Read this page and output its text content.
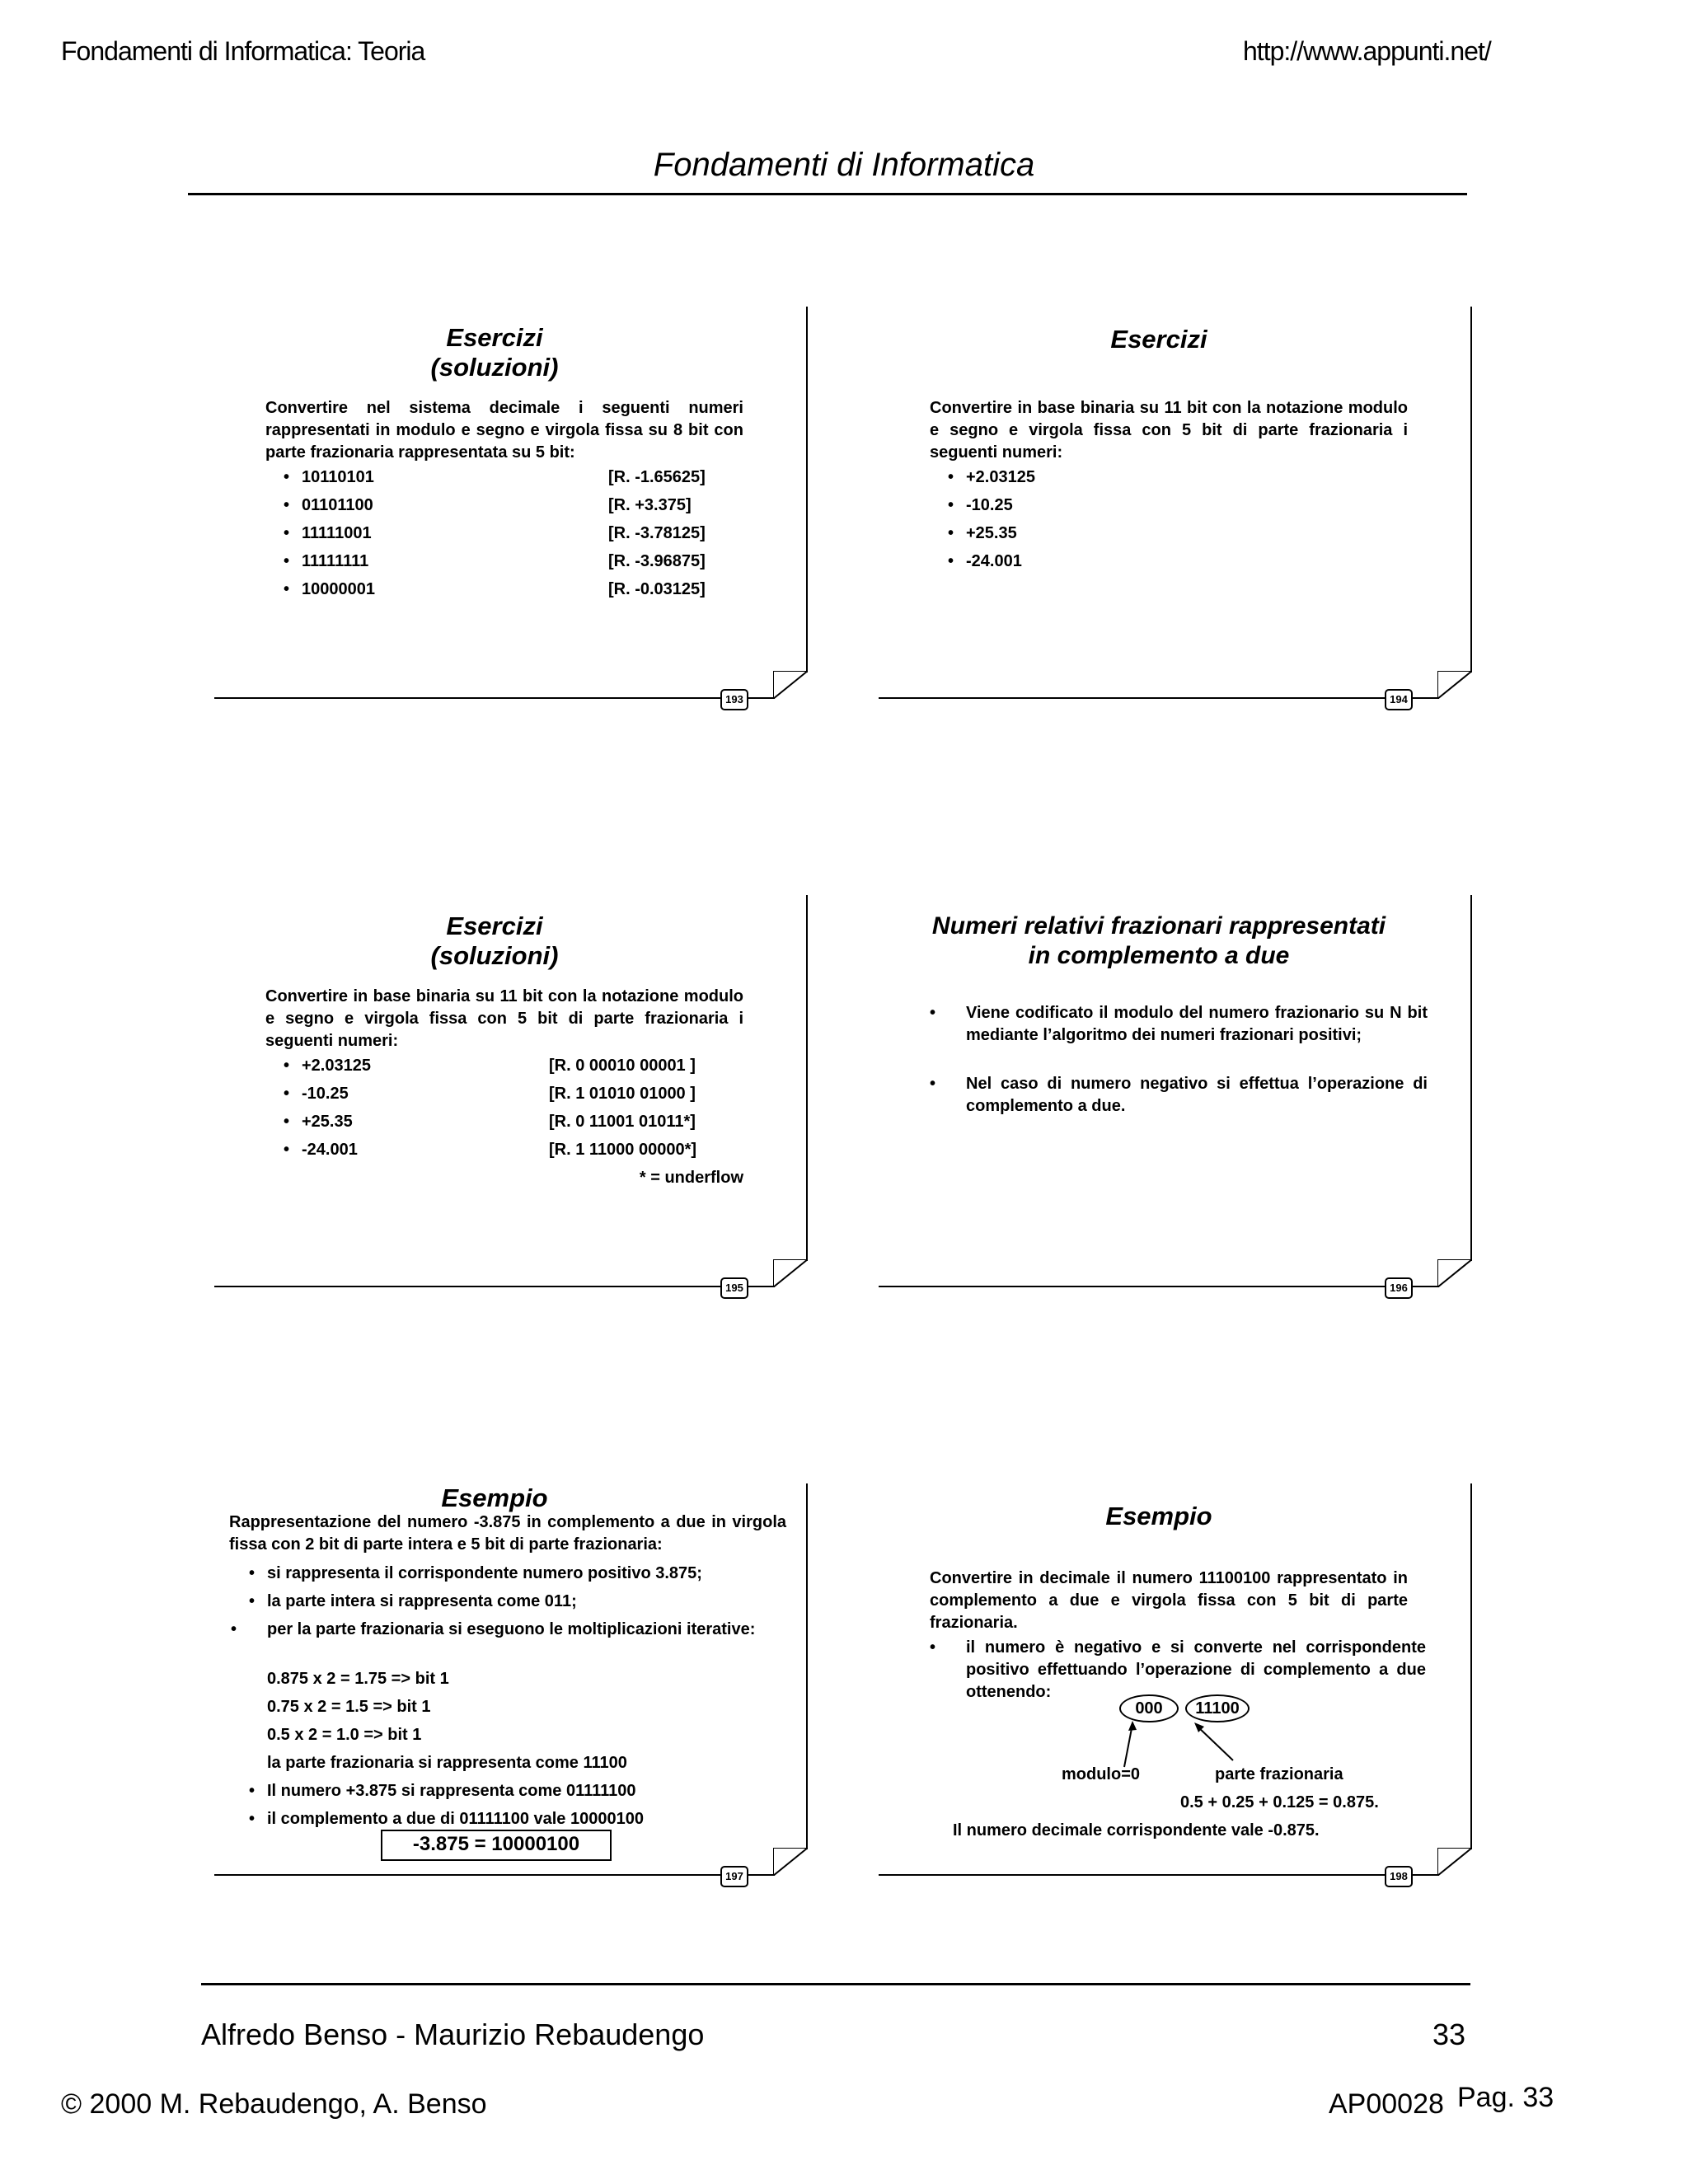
Fondamenti di Informatica: Teoria	http://www.appunti.net/
Fondamenti di Informatica
193
Esercizi
(soluzioni)
Convertire nel sistema decimale i seguenti numeri rappresentati in modulo e segno e virgola fissa su 8 bit con parte frazionaria rappresentata su 5 bit:
• 10110101	[R. -1.65625]
• 01101100	[R. +3.375]
• 11111001	[R. -3.78125]
• 11111111	[R. -3.96875]
• 10000001	[R. -0.03125]
194
Esercizi
Convertire in base binaria su 11 bit con la notazione modulo e segno e virgola fissa con 5 bit di parte frazionaria i seguenti numeri:
• +2.03125
• -10.25
• +25.35
• -24.001
195
Esercizi
(soluzioni)
Convertire in base binaria su 11 bit con la notazione modulo e segno e virgola fissa con 5 bit di parte frazionaria i seguenti numeri:
• +2.03125	[R. 0 00010 00001 ]
• -10.25	[R. 1 01010 01000 ]
• +25.35	[R. 0 11001 01011*]
• -24.001	[R. 1 11000 00000*]
* = underflow
196
Numeri relativi frazionari rappresentati
in complemento a due
• Viene codificato il modulo del numero frazionario su N bit mediante l’algoritmo dei numeri frazionari positivi;
• Nel caso di numero negativo si effettua l’operazione di complemento a due.
197
Esempio
Rappresentazione del numero -3.875 in complemento a due in virgola fissa con 2 bit di parte intera e 5 bit di parte frazionaria:
• si rappresenta il corrispondente numero positivo 3.875;
• la parte intera si rappresenta come 011;
• per la parte frazionaria si eseguono le moltiplicazioni iterative:
0.875 x 2 = 1.75 => bit 1
0.75 x 2 = 1.5 => bit 1
0.5 x 2 = 1.0 => bit 1
la parte frazionaria si rappresenta come 11100
• Il numero +3.875 si rappresenta come 01111100
• il complemento a due di 01111100 vale 10000100
-3.875 = 10000100
198
Esempio
Convertire in decimale il numero 11100100 rappresentato in complemento a due e virgola fissa con 5 bit di parte frazionaria.
• il numero è negativo e si converte nel corrispondente positivo effettuando l’operazione di complemento a due ottenendo:
000	11100
modulo=0	parte frazionaria
0.5 + 0.25 + 0.125 = 0.875.
Il numero decimale corrispondente vale -0.875.
Alfredo Benso - Maurizio Rebaudengo	33
© 2000 M. Rebaudengo, A. Benso	AP00028 Pag. 33
